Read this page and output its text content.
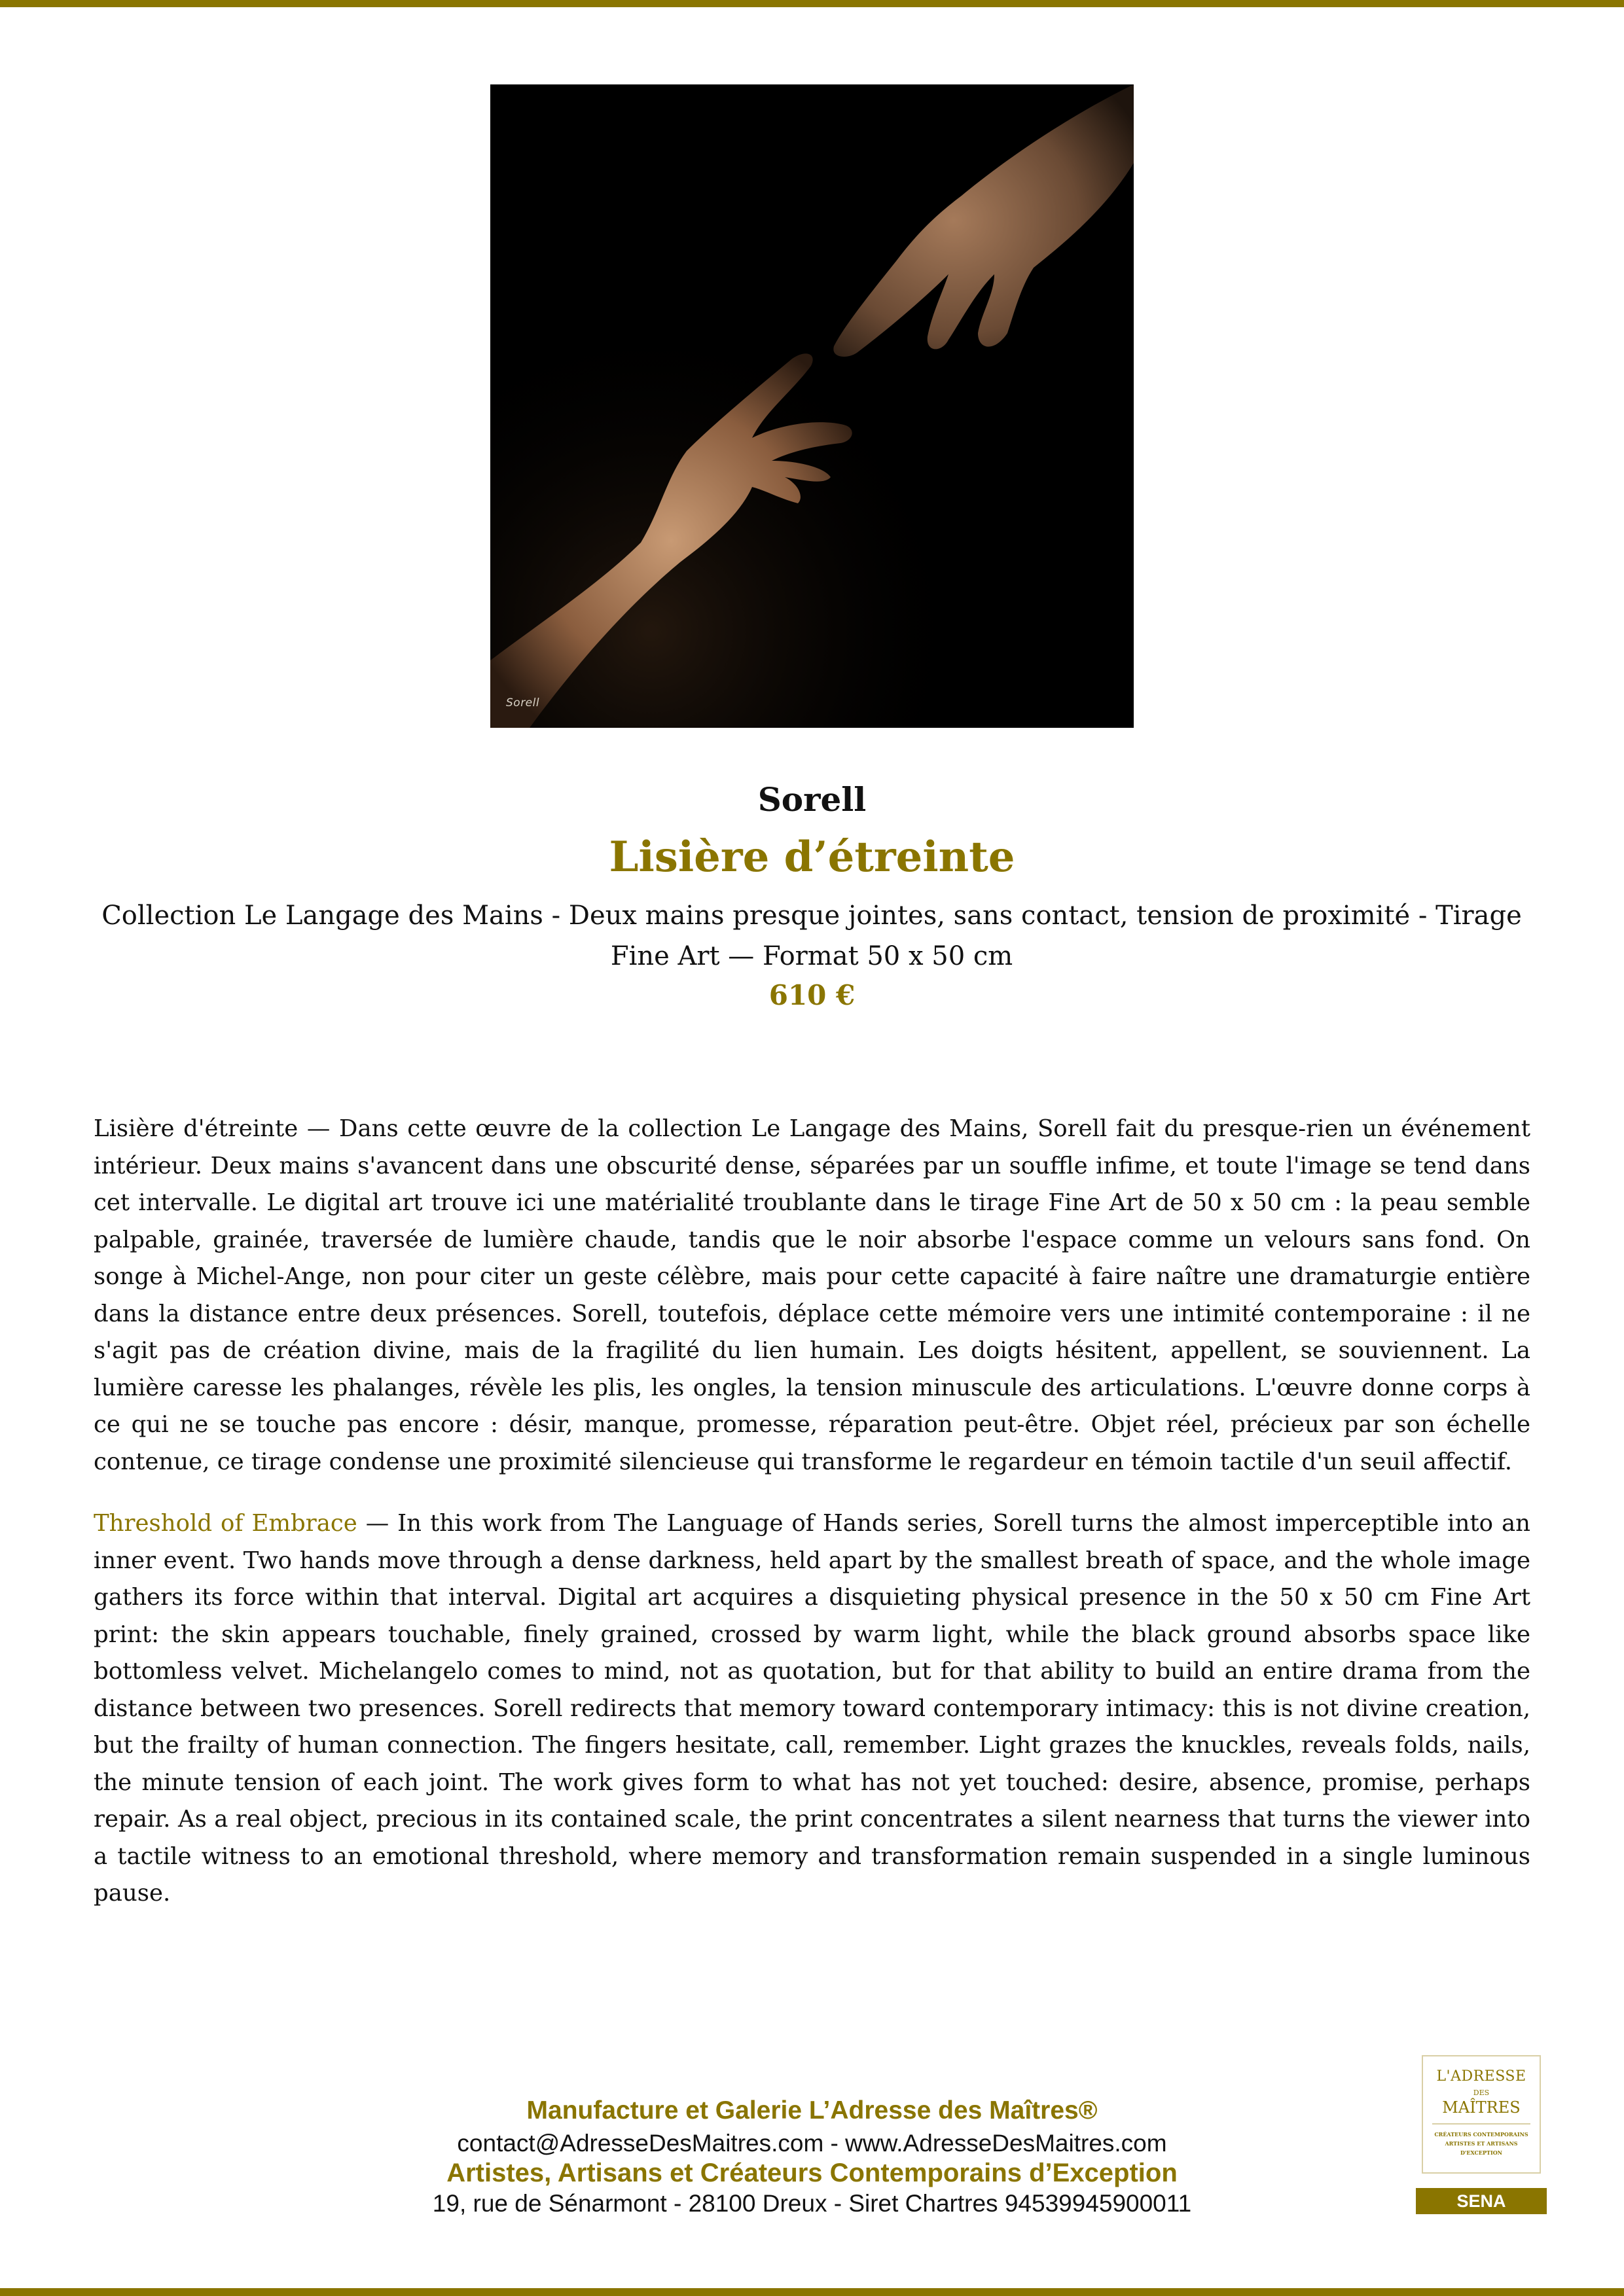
Sorell
Sorell
Lisière d’étreinte
Collection Le Langage des Mains - Deux mains presque jointes, sans contact, tension de proximité - Tirage Fine Art — Format 50 x 50 cm
610 €

Lisière d'étreinte — Dans cette œuvre de la collection Le Langage des Mains, Sorell fait du presque-rien un événement intérieur. Deux mains s'avancent dans une obscurité dense, séparées par un souffle infime, et toute l'image se tend dans cet intervalle. Le digital art trouve ici une matérialité troublante dans le tirage Fine Art de 50 x 50 cm : la peau semble palpable, grainée, traversée de lumière chaude, tandis que le noir absorbe l'espace comme un velours sans fond. On songe à Michel-Ange, non pour citer un geste célèbre, mais pour cette capacité à faire naître une dramaturgie entière dans la distance entre deux présences. Sorell, toutefois, déplace cette mémoire vers une intimité contemporaine : il ne s'agit pas de création divine, mais de la fragilité du lien humain. Les doigts hésitent, appellent, se souviennent. La lumière caresse les phalanges, révèle les plis, les ongles, la tension minuscule des articulations. L'œuvre donne corps à ce qui ne se touche pas encore : désir, manque, promesse, réparation peut-être. Objet réel, précieux par son échelle contenue, ce tirage condense une proximité silencieuse qui transforme le regardeur en témoin tactile d'un seuil affectif.

Threshold of Embrace — In this work from The Language of Hands series, Sorell turns the almost imperceptible into an inner event. Two hands move through a dense darkness, held apart by the smallest breath of space, and the whole image gathers its force within that interval. Digital art acquires a disquieting physical presence in the 50 x 50 cm Fine Art print: the skin appears touchable, finely grained, crossed by warm light, while the black ground absorbs space like bottomless velvet. Michelangelo comes to mind, not as quotation, but for that ability to build an entire drama from the distance between two presences. Sorell redirects that memory toward contemporary intimacy: this is not divine creation, but the frailty of human connection. The fingers hesitate, call, remember. Light grazes the knuckles, reveals folds, nails, the minute tension of each joint. The work gives form to what has not yet touched: desire, absence, promise, perhaps repair. As a real object, precious in its contained scale, the print concentrates a silent nearness that turns the viewer into a tactile witness to an emotional threshold, where memory and transformation remain suspended in a single luminous pause.

Manufacture et Galerie L’Adresse des Maîtres®
contact@AdresseDesMaitres.com - www.AdresseDesMaitres.com
Artistes, Artisans et Créateurs Contemporains d’Exception
19, rue de Sénarmont - 28100 Dreux - Siret Chartres 94539945900011
L'ADRESSE
DES
MAÎTRES
CRÉATEURS CONTEMPORAINS
ARTISTES ET ARTISANS
D'EXCEPTION
SENA
